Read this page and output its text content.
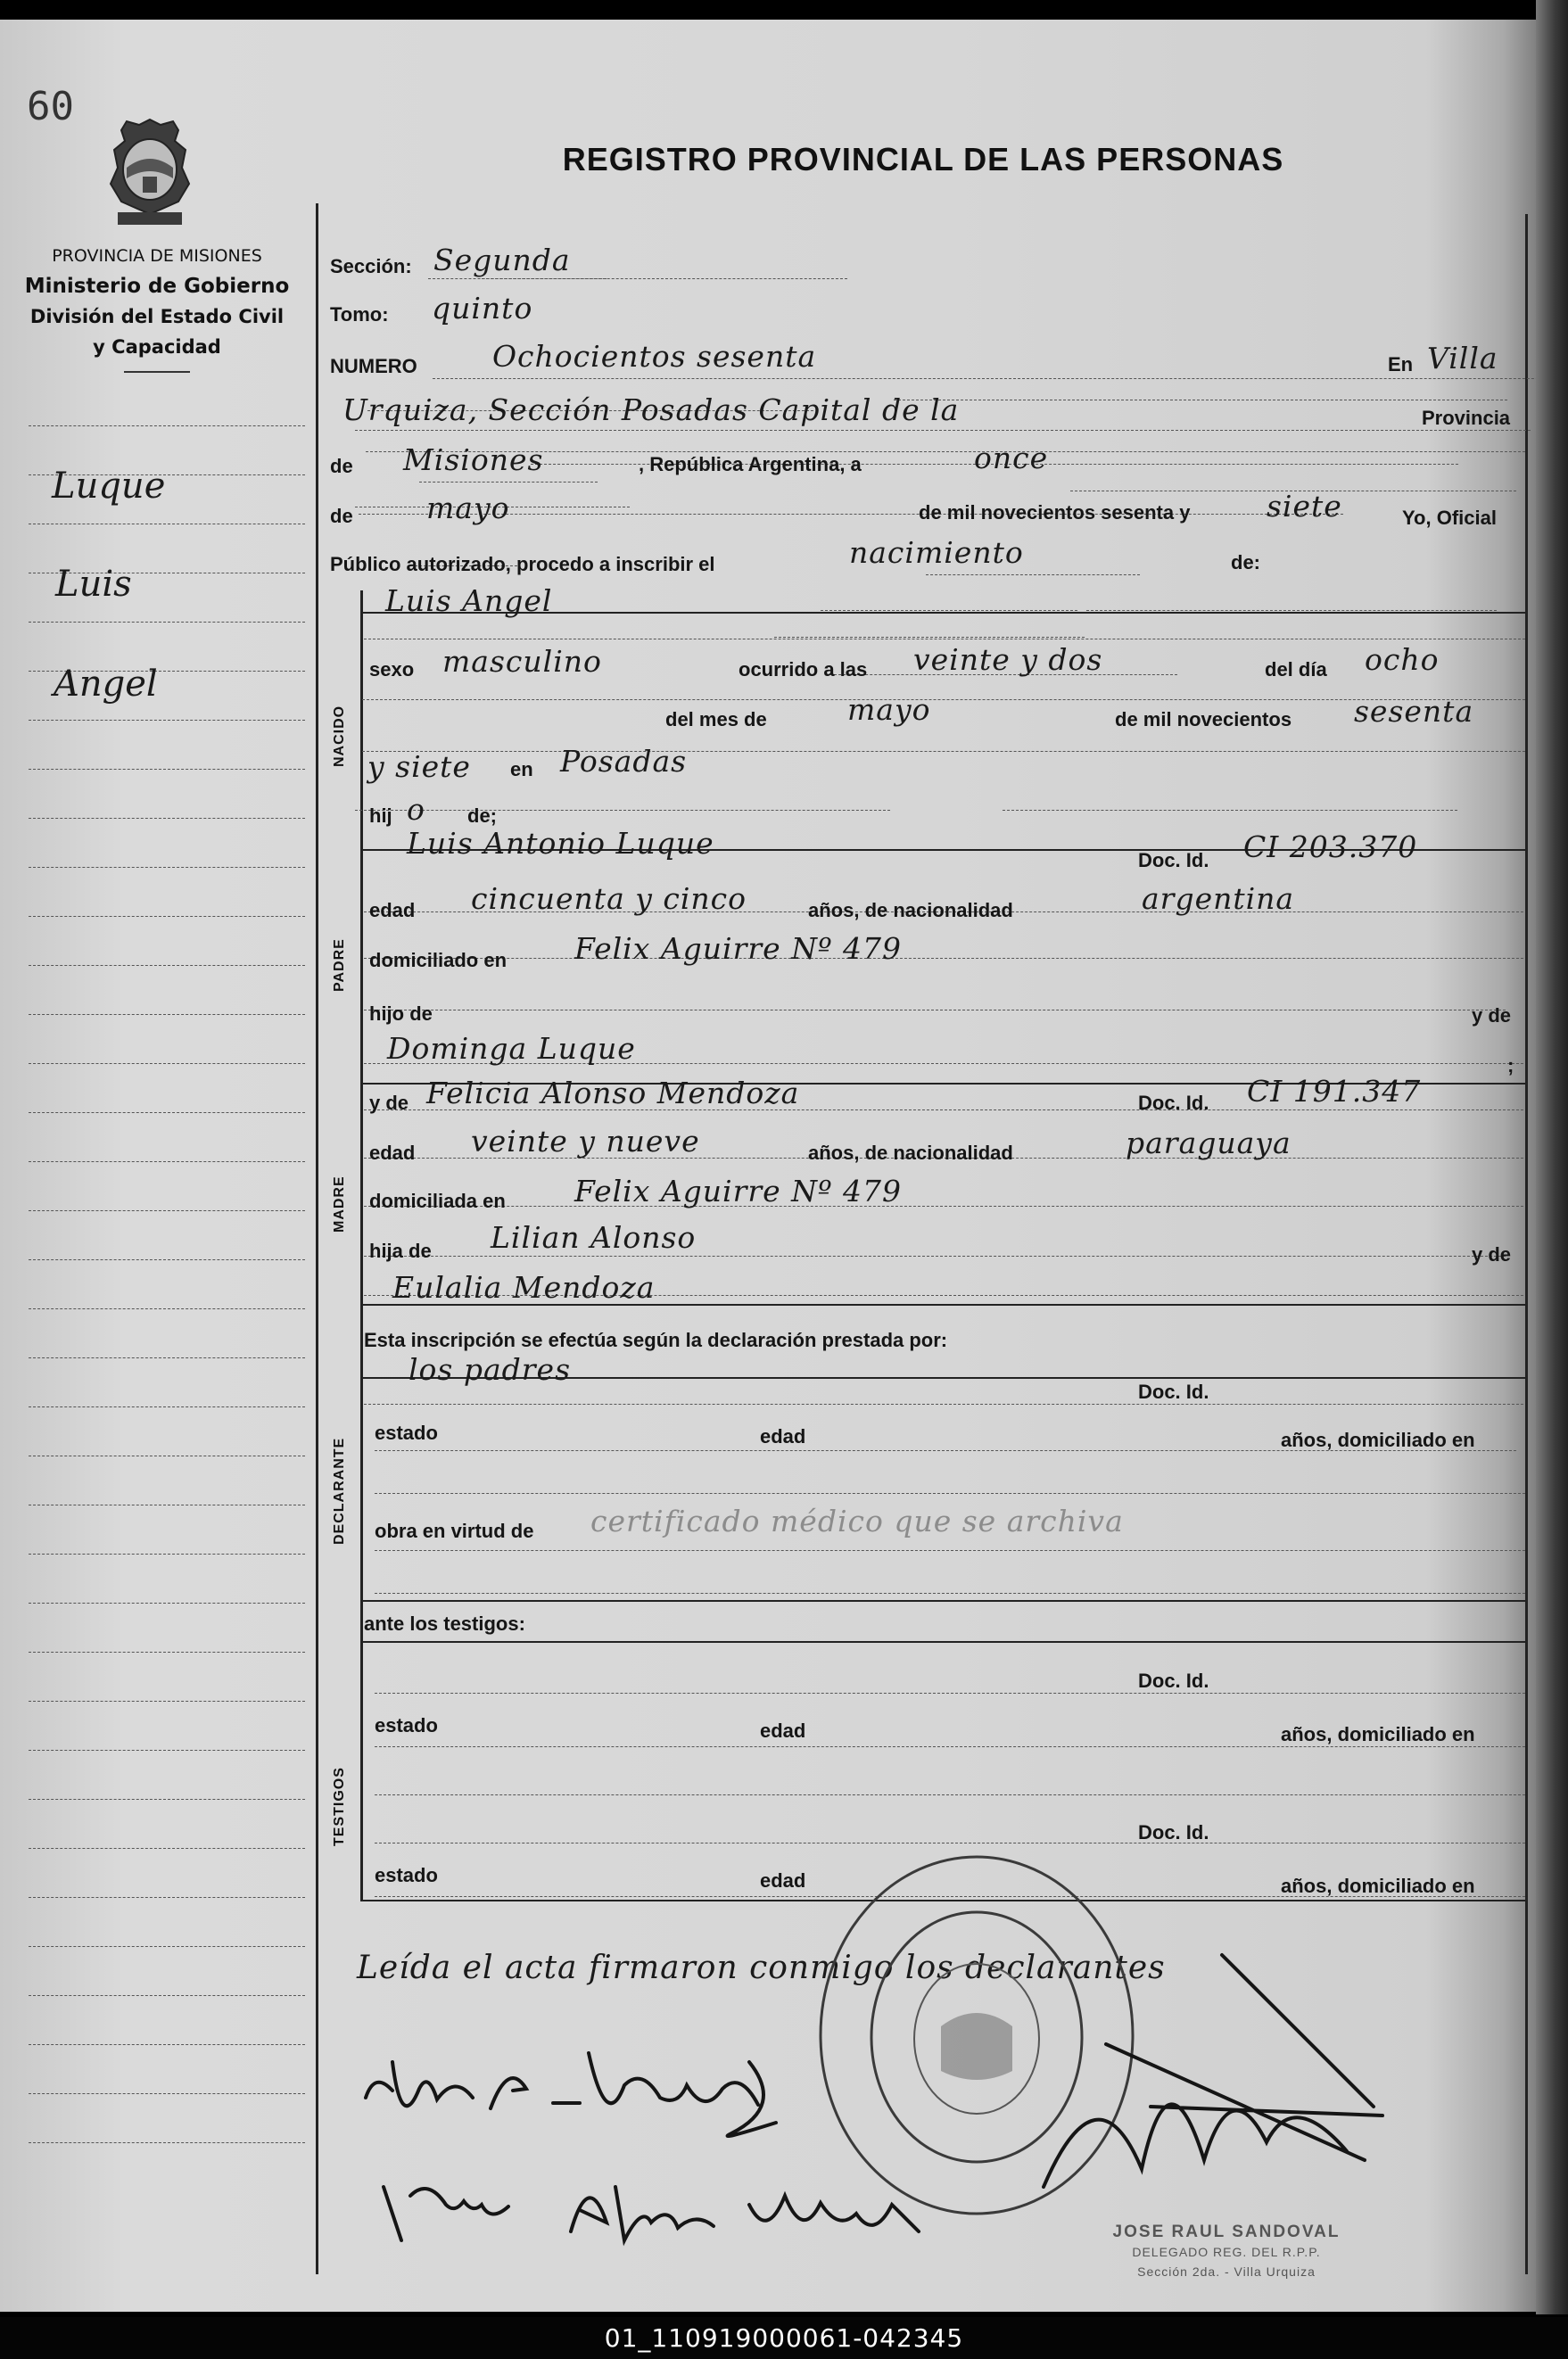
60
PROVINCIA DE MISIONES
Ministerio de Gobierno
División del Estado Civil
y Capacidad
REGISTRO PROVINCIAL DE LAS PERSONAS
Luque
Luis
Angel
NACIDO
PADRE
MADRE
DECLARANTE
TESTIGOS
Sección: Segunda
Tomo: quinto
NUMERO	Ochocientos sesenta	En Villa
Urquiza, Sección Posadas Capital de la	Provincia
de Misiones	, República Argentina, a	once
de mayo	de mil novecientos sesenta y	siete	Yo, Oficial
Público autorizado, procedo a inscribir el	nacimiento	de:
Luis Angel
sexo masculino	ocurrido a las veinte y dos	del día ocho
del mes de	mayo	de mil novecientos sesenta
y siete en Posadas
hij o de;
Luis Antonio Luque	Doc. Id. CI 203.370
edad cincuenta y cinco	años, de nacionalidad	argentina
domiciliado en Felix Aguirre Nº 479
hijo de	y de
Dominga Luque	;
y de Felicia Alonso Mendoza	Doc. Id. CI 191.347
edad veinte y nueve	años, de nacionalidad	paraguaya
domiciliada en Felix Aguirre Nº 479
hija de Lilian Alonso	y de
Eulalia Mendoza
Esta inscripción se efectúa según la declaración prestada por:
los padres
Doc. Id.
estado	edad	años, domiciliado en
obra en virtud de certificado médico que se archiva
ante los testigos:
Doc. Id.
estado	edad	años, domiciliado en
Doc. Id.
estado	edad	años, domiciliado en
Leída el acta firmaron conmigo los declarantes
JOSE RAUL SANDOVAL
DELEGADO REG. DEL R.P.P.
Sección 2da. - Villa Urquiza
01_110919000061-042345
